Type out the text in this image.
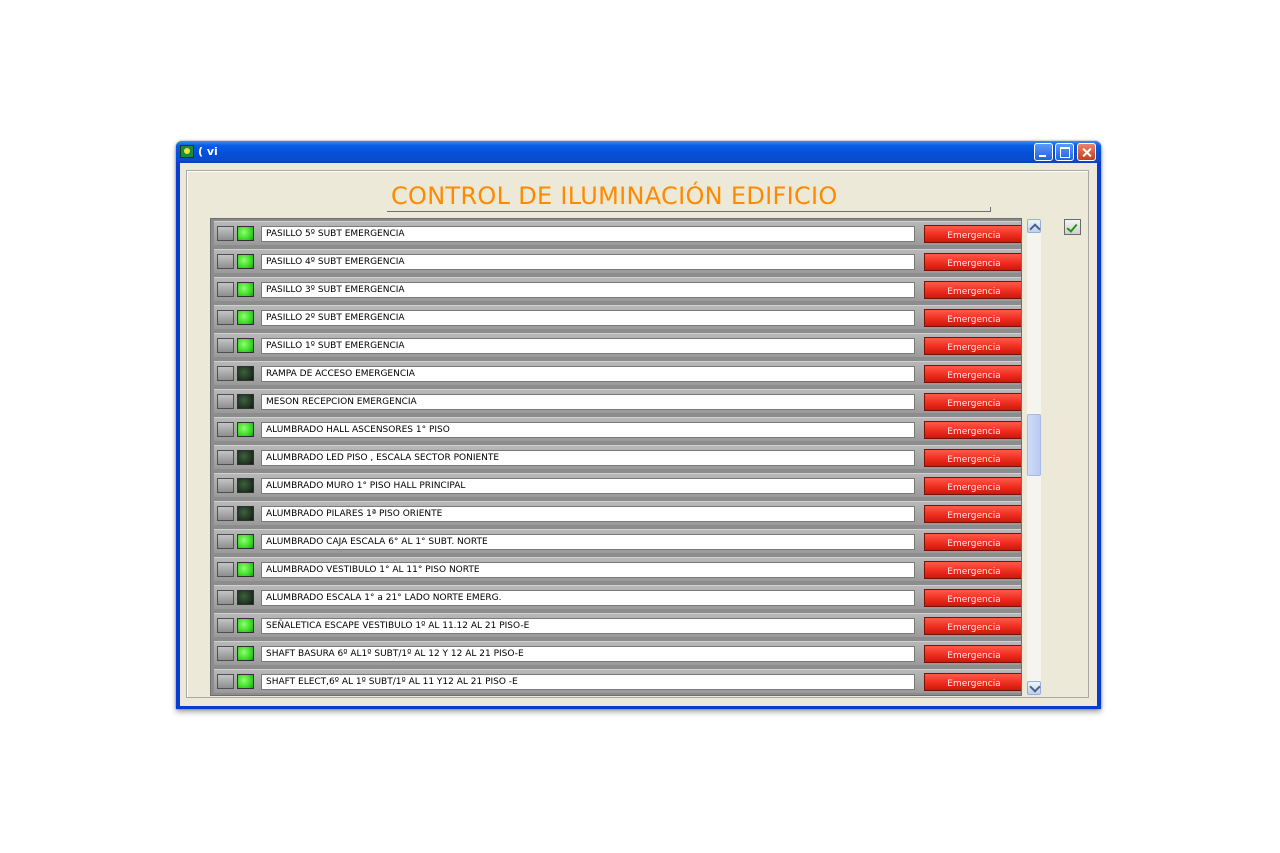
( vi
CONTROL DE ILUMINACIÓN EDIFICIO
PASILLO 5º SUBT EMERGENCIA	Emergencia
PASILLO 4º SUBT EMERGENCIA	Emergencia
PASILLO 3º SUBT EMERGENCIA	Emergencia
PASILLO 2º SUBT EMERGENCIA	Emergencia
PASILLO 1º SUBT EMERGENCIA	Emergencia
RAMPA DE ACCESO EMERGENCIA	Emergencia
MESON RECEPCION EMERGENCIA	Emergencia
ALUMBRADO HALL ASCENSORES 1° PISO	Emergencia
ALUMBRADO LED PISO , ESCALA SECTOR PONIENTE	Emergencia
ALUMBRADO MURO 1° PISO HALL PRINCIPAL	Emergencia
ALUMBRADO PILARES 1ª PISO ORIENTE	Emergencia
ALUMBRADO CAJA ESCALA 6° AL 1° SUBT. NORTE	Emergencia
ALUMBRADO VESTIBULO 1° AL 11° PISO NORTE	Emergencia
ALUMBRADO ESCALA 1° a 21° LADO NORTE EMERG.	Emergencia
SEÑALETICA ESCAPE VESTIBULO 1º AL 11.12 AL 21 PISO-E	Emergencia
SHAFT BASURA 6º AL1º SUBT/1º AL 12 Y 12 AL 21 PISO-E	Emergencia
SHAFT ELECT,6º AL 1º SUBT/1º AL 11 Y12 AL 21 PISO -E	Emergencia
